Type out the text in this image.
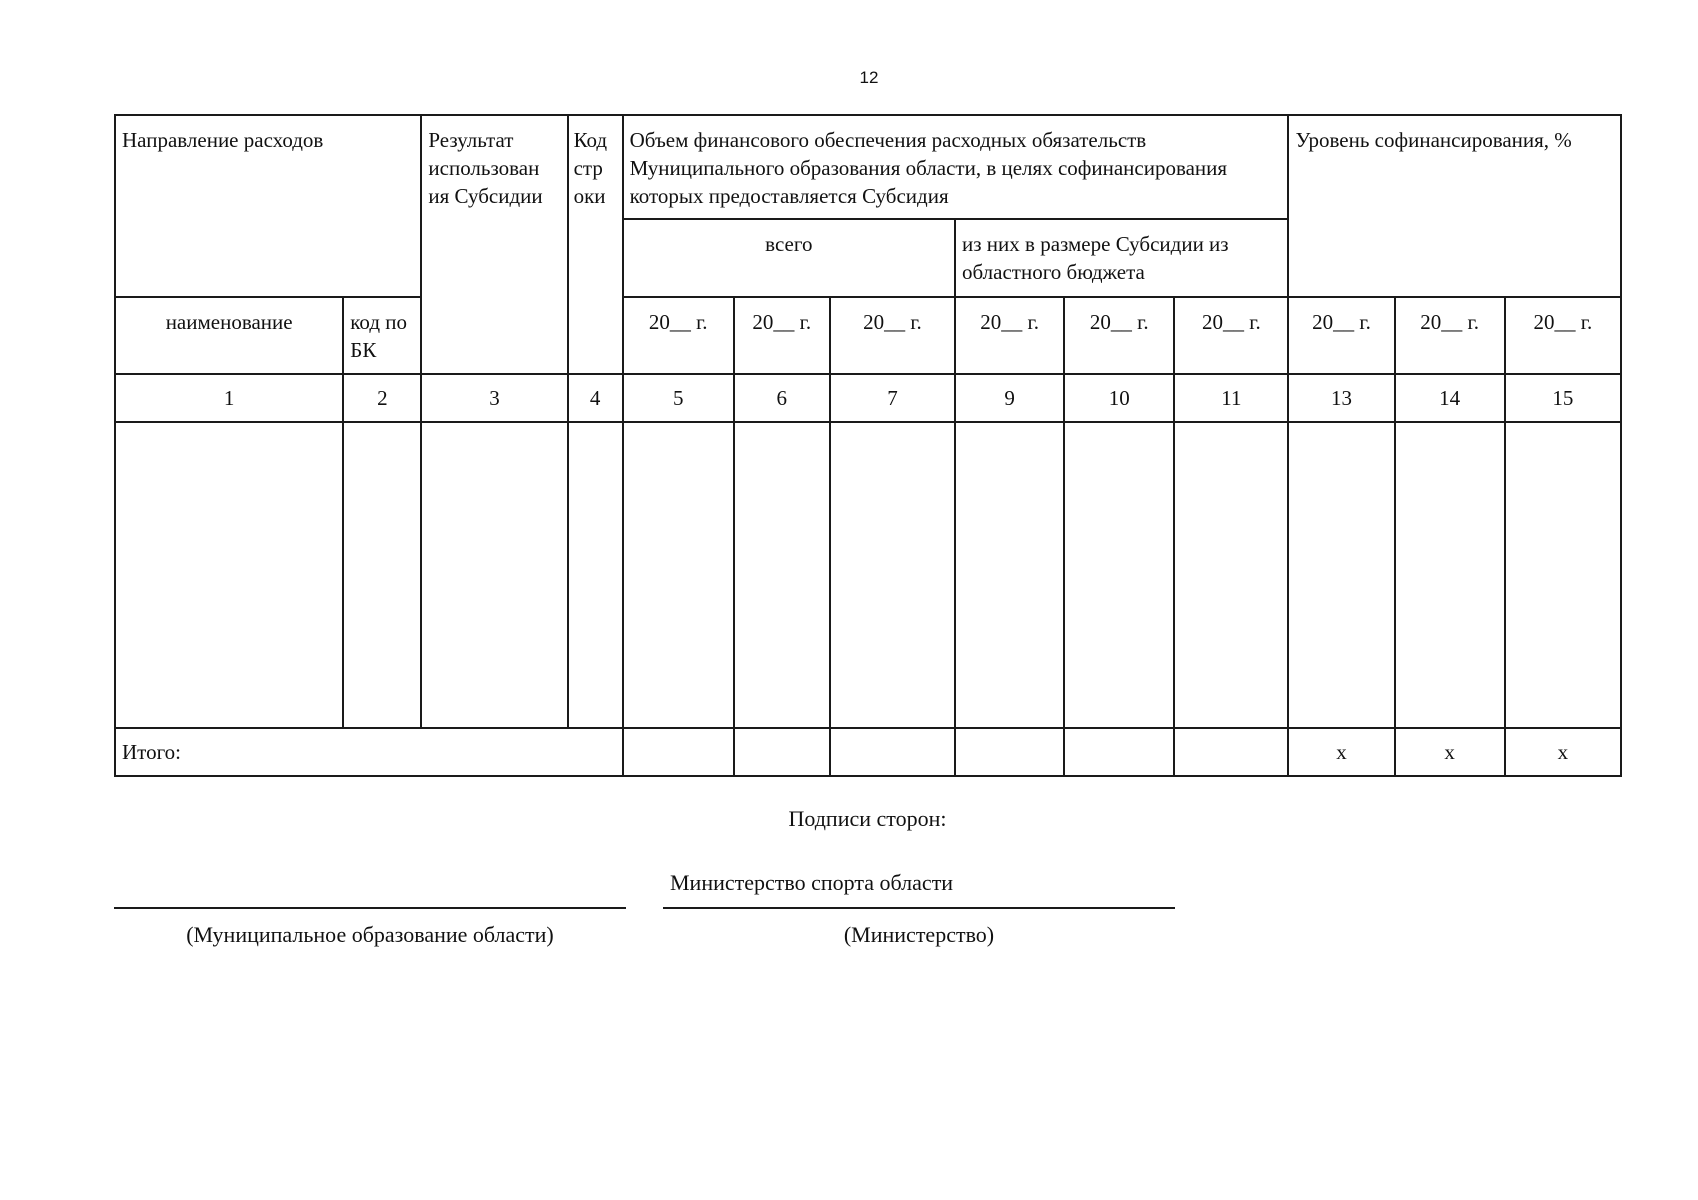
12
Направление расходов		Результат использован ия Субсидии	Код стр оки	Объем финансового обеспечения расходных обязательств Муниципального образования области, в целях софинансирования которых предоставляется Субсидия						Уровень софинансирования, %		
				всего			из них в размере Субсидии из областного бюджета					
наименование	код по БК			20__ г.	20__ г.	20__ г.	20__ г.	20__ г.	20__ г.	20__ г.	20__ г.	20__ г.
1	2	3	4	5	6	7	9	10	11	13	14	15

Итого:										x	x	x
Подписи сторон:
(Муниципальное образование области)
Министерство спорта области
(Министерство)
